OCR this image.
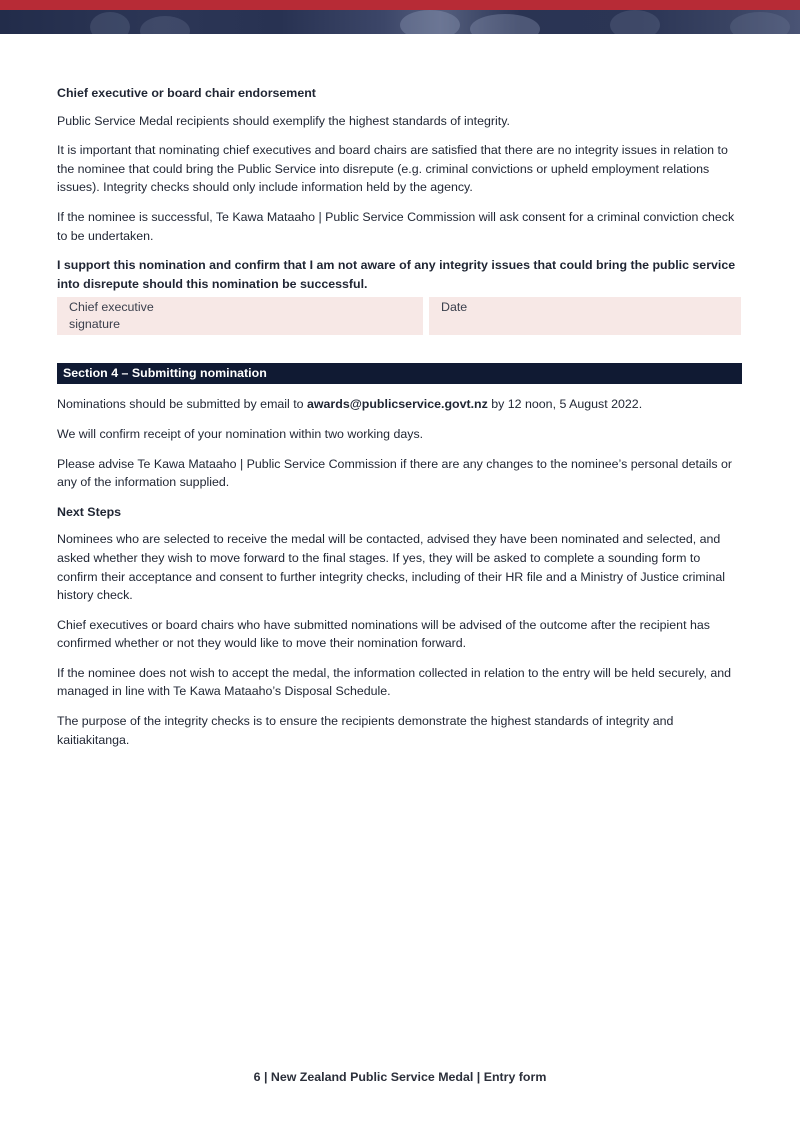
Chief executive or board chair endorsement

Public Service Medal recipients should exemplify the highest standards of integrity.

It is important that nominating chief executives and board chairs are satisfied that there are no integrity issues in relation to the nominee that could bring the Public Service into disrepute (e.g. criminal convictions or upheld employment relations issues). Integrity checks should only include information held by the agency.

If the nominee is successful, Te Kawa Mataaho | Public Service Commission will ask consent for a criminal conviction check to be undertaken.

I support this nomination and confirm that I am not aware of any integrity issues that could bring the public service into disrepute should this nomination be successful.

Chief executive signature
Date
Section 4 – Submitting nomination

Nominations should be submitted by email to awards@publicservice.govt.nz by 12 noon, 5 August 2022.

We will confirm receipt of your nomination within two working days.

Please advise Te Kawa Mataaho | Public Service Commission if there are any changes to the nominee’s personal details or any of the information supplied.

Next Steps

Nominees who are selected to receive the medal will be contacted, advised they have been nominated and selected, and asked whether they wish to move forward to the final stages. If yes, they will be asked to complete a sounding form to confirm their acceptance and consent to further integrity checks, including of their HR file and a Ministry of Justice criminal history check.

Chief executives or board chairs who have submitted nominations will be advised of the outcome after the recipient has confirmed whether or not they would like to move their nomination forward.

If the nominee does not wish to accept the medal, the information collected in relation to the entry will be held securely, and managed in line with Te Kawa Mataaho’s Disposal Schedule.

The purpose of the integrity checks is to ensure the recipients demonstrate the highest standards of integrity and kaitiakitanga.

6 | New Zealand Public Service Medal | Entry form
